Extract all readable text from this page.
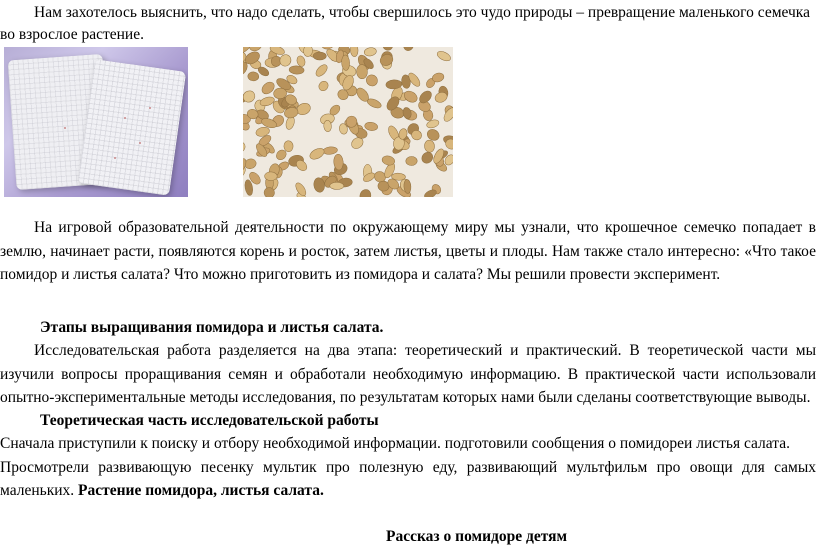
Нам захотелось выяснить, что надо сделать, чтобы свершилось это чудо природы – превращение маленького семечка
во взрослое растение.
На игровой образовательной деятельности по окружающему миру мы узнали, что крошечное семечко попадает в
землю, начинает расти, появляются корень и росток, затем листья, цветы и плоды. Нам также стало интересно: «Что такое
помидор и листья салата? Что можно приготовить из помидора и салата? Мы решили провести эксперимент.
Этапы выращивания помидора и листья салата.
Исследовательская работа разделяется на два этапа: теоретический и практический. В теоретической части мы
изучили вопросы проращивания семян и обработали необходимую информацию. В практической части использовали
опытно-экспериментальные методы исследования, по результатам которых нами были сделаны соответствующие выводы.
Теоретическая часть исследовательской работы
Сначала приступили к поиску и отбору необходимой информации. подготовили сообщения о помидореи листья салата.
Просмотрели развивающую песенку мультик про полезную еду, развивающий мультфильм про овощи для самых
маленьких. Растение помидора, листья салата.
Рассказ о помидоре детям
